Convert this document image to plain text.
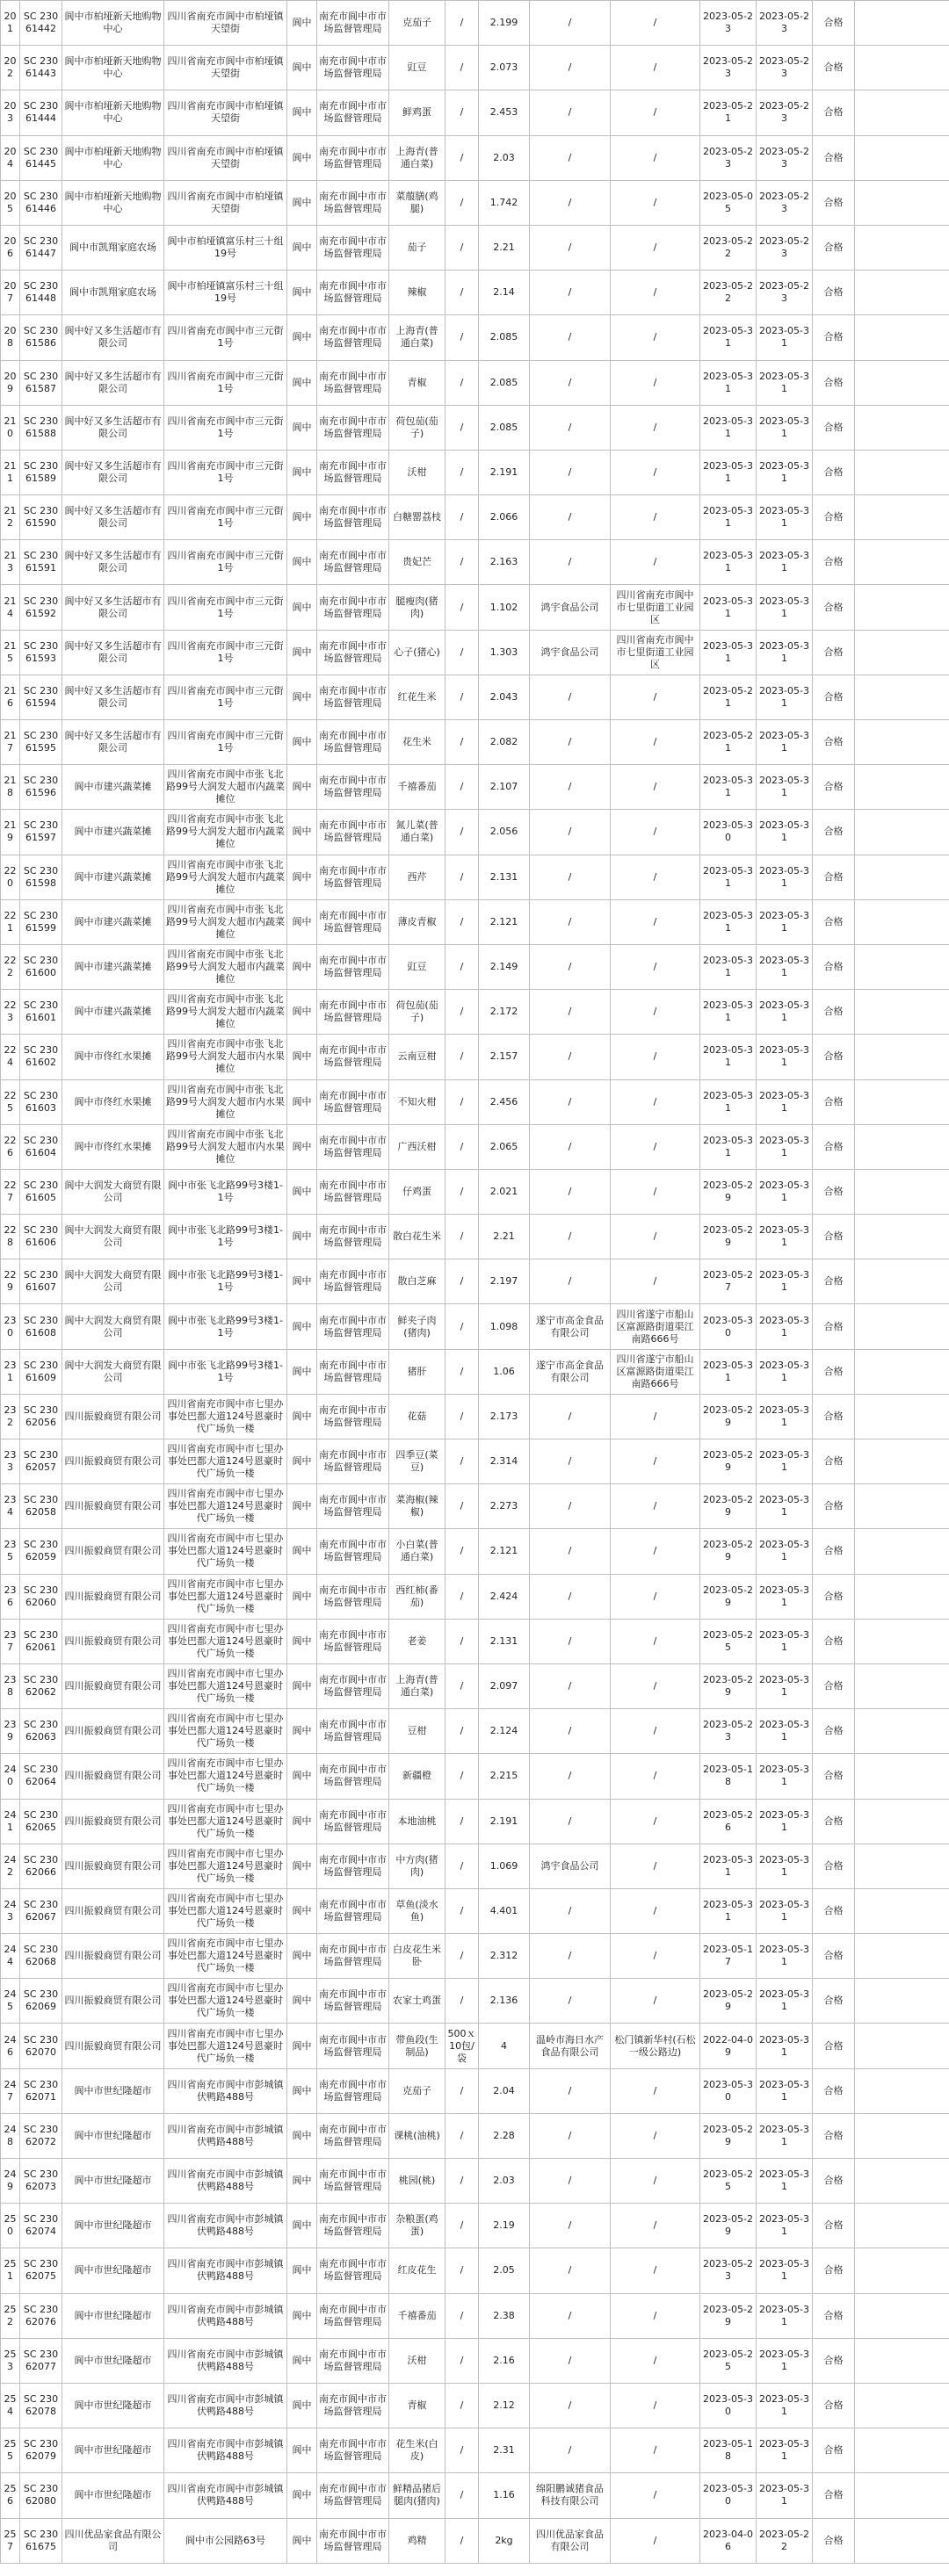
201	SC 23061442	阆中市柏垭新天地购物中心	四川省南充市阆中市柏垭镇天望街	阆中	南充市阆中市市场监督管理局	克茄子	/	2.199	/	/	2023-05-23	2023-05-23	合格	
202	SC 23061443	阆中市柏垭新天地购物中心	四川省南充市阆中市柏垭镇天望街	阆中	南充市阆中市市场监督管理局	豇豆	/	2.073	/	/	2023-05-23	2023-05-23	合格	
203	SC 23061444	阆中市柏垭新天地购物中心	四川省南充市阆中市柏垭镇天望街	阆中	南充市阆中市市场监督管理局	鲜鸡蛋	/	2.453	/	/	2023-05-21	2023-05-23	合格	
204	SC 23061445	阆中市柏垭新天地购物中心	四川省南充市阆中市柏垭镇天望街	阆中	南充市阆中市市场监督管理局	上海青(普通白菜)	/	2.03	/	/	2023-05-23	2023-05-23	合格	
205	SC 23061446	阆中市柏垭新天地购物中心	四川省南充市阆中市柏垭镇天望街	阆中	南充市阆中市市场监督管理局	菜菔膳(鸡腿)	/	1.742	/	/	2023-05-05	2023-05-23	合格	
206	SC 23061447	阆中市凯翔家庭农场	阆中市柏垭镇富乐村三十组19号	阆中	南充市阆中市市场监督管理局	茄子	/	2.21	/	/	2023-05-22	2023-05-23	合格	
207	SC 23061448	阆中市凯翔家庭农场	阆中市柏垭镇富乐村三十组19号	阆中	南充市阆中市市场监督管理局	辣椒	/	2.14	/	/	2023-05-22	2023-05-23	合格	
208	SC 23061586	阆中好又多生活超市有限公司	四川省南充市阆中市三元街1号	阆中	南充市阆中市市场监督管理局	上海青(普通白菜)	/	2.085	/	/	2023-05-31	2023-05-31	合格	
209	SC 23061587	阆中好又多生活超市有限公司	四川省南充市阆中市三元街1号	阆中	南充市阆中市市场监督管理局	青椒	/	2.085	/	/	2023-05-31	2023-05-31	合格	
210	SC 23061588	阆中好又多生活超市有限公司	四川省南充市阆中市三元街1号	阆中	南充市阆中市市场监督管理局	荷包茄(茄子)	/	2.085	/	/	2023-05-31	2023-05-31	合格	
211	SC 23061589	阆中好又多生活超市有限公司	四川省南充市阆中市三元街1号	阆中	南充市阆中市市场监督管理局	沃柑	/	2.191	/	/	2023-05-31	2023-05-31	合格	
212	SC 23061590	阆中好又多生活超市有限公司	四川省南充市阆中市三元街1号	阆中	南充市阆中市市场监督管理局	白糖罂荔枝	/	2.066	/	/	2023-05-31	2023-05-31	合格	
213	SC 23061591	阆中好又多生活超市有限公司	四川省南充市阆中市三元街1号	阆中	南充市阆中市市场监督管理局	贵妃芒	/	2.163	/	/	2023-05-31	2023-05-31	合格	
214	SC 23061592	阆中好又多生活超市有限公司	四川省南充市阆中市三元街1号	阆中	南充市阆中市市场监督管理局	腿瘦肉(猪肉)	/	1.102	鸿宇食品公司	四川省南充市阆中市七里街道工业园区	2023-05-31	2023-05-31	合格	
215	SC 23061593	阆中好又多生活超市有限公司	四川省南充市阆中市三元街1号	阆中	南充市阆中市市场监督管理局	心子(猪心)	/	1.303	鸿宇食品公司	四川省南充市阆中市七里街道工业园区	2023-05-31	2023-05-31	合格	
216	SC 23061594	阆中好又多生活超市有限公司	四川省南充市阆中市三元街1号	阆中	南充市阆中市市场监督管理局	红花生米	/	2.043	/	/	2023-05-21	2023-05-31	合格	
217	SC 23061595	阆中好又多生活超市有限公司	四川省南充市阆中市三元街1号	阆中	南充市阆中市市场监督管理局	花生米	/	2.082	/	/	2023-05-21	2023-05-31	合格	
218	SC 23061596	阆中市建兴蔬菜摊	四川省南充市阆中市张飞北路99号大润发大超市内蔬菜摊位	阆中	南充市阆中市市场监督管理局	千禧番茄	/	2.107	/	/	2023-05-31	2023-05-31	合格	
219	SC 23061597	阆中市建兴蔬菜摊	四川省南充市阆中市张飞北路99号大润发大超市内蔬菜摊位	阆中	南充市阆中市市场监督管理局	氮儿菜(普通白菜)	/	2.056	/	/	2023-05-30	2023-05-31	合格	
220	SC 23061598	阆中市建兴蔬菜摊	四川省南充市阆中市张飞北路99号大润发大超市内蔬菜摊位	阆中	南充市阆中市市场监督管理局	西芹	/	2.131	/	/	2023-05-31	2023-05-31	合格	
221	SC 23061599	阆中市建兴蔬菜摊	四川省南充市阆中市张飞北路99号大润发大超市内蔬菜摊位	阆中	南充市阆中市市场监督管理局	薄皮青椒	/	2.121	/	/	2023-05-31	2023-05-31	合格	
222	SC 23061600	阆中市建兴蔬菜摊	四川省南充市阆中市张飞北路99号大润发大超市内蔬菜摊位	阆中	南充市阆中市市场监督管理局	豇豆	/	2.149	/	/	2023-05-31	2023-05-31	合格	
223	SC 23061601	阆中市建兴蔬菜摊	四川省南充市阆中市张飞北路99号大润发大超市内蔬菜摊位	阆中	南充市阆中市市场监督管理局	荷包茄(茄子)	/	2.172	/	/	2023-05-31	2023-05-31	合格	
224	SC 23061602	阆中市佟红水果摊	四川省南充市阆中市张飞北路99号大润发大超市内水果摊位	阆中	南充市阆中市市场监督管理局	云南豆柑	/	2.157	/	/	2023-05-31	2023-05-31	合格	
225	SC 23061603	阆中市佟红水果摊	四川省南充市阆中市张飞北路99号大润发大超市内水果摊位	阆中	南充市阆中市市场监督管理局	不知火柑	/	2.456	/	/	2023-05-31	2023-05-31	合格	
226	SC 23061604	阆中市佟红水果摊	四川省南充市阆中市张飞北路99号大润发大超市内水果摊位	阆中	南充市阆中市市场监督管理局	广西沃柑	/	2.065	/	/	2023-05-31	2023-05-31	合格	
227	SC 23061605	阆中大润发大商贸有限公司	阆中市张飞北路99号3楼1-1号	阆中	南充市阆中市市场监督管理局	仔鸡蛋	/	2.021	/	/	2023-05-29	2023-05-31	合格	
228	SC 23061606	阆中大润发大商贸有限公司	阆中市张飞北路99号3楼1-1号	阆中	南充市阆中市市场监督管理局	散白花生米	/	2.21	/	/	2023-05-29	2023-05-31	合格	
229	SC 23061607	阆中大润发大商贸有限公司	阆中市张飞北路99号3楼1-1号	阆中	南充市阆中市市场监督管理局	散白芝麻	/	2.197	/	/	2023-05-27	2023-05-31	合格	
230	SC 23061608	阆中大润发大商贸有限公司	阆中市张飞北路99号3楼1-1号	阆中	南充市阆中市市场监督管理局	鲜夹子肉(猪肉)	/	1.098	遂宁市高金食品有限公司	四川省遂宁市船山区富源路街道渠江南路666号	2023-05-30	2023-05-31	合格	
231	SC 23061609	阆中大润发大商贸有限公司	阆中市张飞北路99号3楼1-1号	阆中	南充市阆中市市场监督管理局	猪肝	/	1.06	遂宁市高金食品有限公司	四川省遂宁市船山区富源路街道渠江南路666号	2023-05-31	2023-05-31	合格	
232	SC 23062056	四川振毅商贸有限公司	四川省南充市阆中市七里办事处巴都大道124号恩豪时代广场负一楼	阆中	南充市阆中市市场监督管理局	花菇	/	2.173	/	/	2023-05-29	2023-05-31	合格	
233	SC 23062057	四川振毅商贸有限公司	四川省南充市阆中市七里办事处巴都大道124号恩豪时代广场负一楼	阆中	南充市阆中市市场监督管理局	四季豆(菜豆)	/	2.314	/	/	2023-05-29	2023-05-31	合格	
234	SC 23062058	四川振毅商贸有限公司	四川省南充市阆中市七里办事处巴都大道124号恩豪时代广场负一楼	阆中	南充市阆中市市场监督管理局	菜海椒(辣椒)	/	2.273	/	/	2023-05-29	2023-05-31	合格	
235	SC 23062059	四川振毅商贸有限公司	四川省南充市阆中市七里办事处巴都大道124号恩豪时代广场负一楼	阆中	南充市阆中市市场监督管理局	小白菜(普通白菜)	/	2.121	/	/	2023-05-29	2023-05-31	合格	
236	SC 23062060	四川振毅商贸有限公司	四川省南充市阆中市七里办事处巴都大道124号恩豪时代广场负一楼	阆中	南充市阆中市市场监督管理局	西红柿(番茄)	/	2.424	/	/	2023-05-29	2023-05-31	合格	
237	SC 23062061	四川振毅商贸有限公司	四川省南充市阆中市七里办事处巴都大道124号恩豪时代广场负一楼	阆中	南充市阆中市市场监督管理局	老姜	/	2.131	/	/	2023-05-25	2023-05-31	合格	
238	SC 23062062	四川振毅商贸有限公司	四川省南充市阆中市七里办事处巴都大道124号恩豪时代广场负一楼	阆中	南充市阆中市市场监督管理局	上海青(普通白菜)	/	2.097	/	/	2023-05-29	2023-05-31	合格	
239	SC 23062063	四川振毅商贸有限公司	四川省南充市阆中市七里办事处巴都大道124号恩豪时代广场负一楼	阆中	南充市阆中市市场监督管理局	豆柑	/	2.124	/	/	2023-05-23	2023-05-31	合格	
240	SC 23062064	四川振毅商贸有限公司	四川省南充市阆中市七里办事处巴都大道124号恩豪时代广场负一楼	阆中	南充市阆中市市场监督管理局	新疆橙	/	2.215	/	/	2023-05-18	2023-05-31	合格	
241	SC 23062065	四川振毅商贸有限公司	四川省南充市阆中市七里办事处巴都大道124号恩豪时代广场负一楼	阆中	南充市阆中市市场监督管理局	本地油桃	/	2.191	/	/	2023-05-26	2023-05-31	合格	
242	SC 23062066	四川振毅商贸有限公司	四川省南充市阆中市七里办事处巴都大道124号恩豪时代广场负一楼	阆中	南充市阆中市市场监督管理局	中方肉(猪肉)	/	1.069	鸿宇食品公司	/	2023-05-31	2023-05-31	合格	
243	SC 23062067	四川振毅商贸有限公司	四川省南充市阆中市七里办事处巴都大道124号恩豪时代广场负一楼	阆中	南充市阆中市市场监督管理局	草鱼(淡水鱼)	/	4.401	/	/	2023-05-31	2023-05-31	合格	
244	SC 23062068	四川振毅商贸有限公司	四川省南充市阆中市七里办事处巴都大道124号恩豪时代广场负一楼	阆中	南充市阆中市市场监督管理局	白皮花生米卧	/	2.312	/	/	2023-05-17	2023-05-31	合格	
245	SC 23062069	四川振毅商贸有限公司	四川省南充市阆中市七里办事处巴都大道124号恩豪时代广场负一楼	阆中	南充市阆中市市场监督管理局	农家土鸡蛋	/	2.136	/	/	2023-05-29	2023-05-31	合格	
246	SC 23062070	四川振毅商贸有限公司	四川省南充市阆中市七里办事处巴都大道124号恩豪时代广场负一楼	阆中	南充市阆中市市场监督管理局	带鱼段(生制品)	500ｘ10包/袋	4	温岭市海日水产食品有限公司	松门镇新华村(石松一级公路边)	2022-04-09	2023-05-31	合格	
247	SC 23062071	阆中市世纪隆超市	四川省南充市阆中市彭城镇伏鸭路488号	阆中	南充市阆中市市场监督管理局	克茄子	/	2.04	/	/	2023-05-30	2023-05-31	合格	
248	SC 23062072	阆中市世纪隆超市	四川省南充市阆中市彭城镇伏鸭路488号	阆中	南充市阆中市市场监督管理局	课桃(油桃)	/	2.28	/	/	2023-05-29	2023-05-31	合格	
249	SC 23062073	阆中市世纪隆超市	四川省南充市阆中市彭城镇伏鸭路488号	阆中	南充市阆中市市场监督管理局	桃园(桃)	/	2.03	/	/	2023-05-25	2023-05-31	合格	
250	SC 23062074	阆中市世纪隆超市	四川省南充市阆中市彭城镇伏鸭路488号	阆中	南充市阆中市市场监督管理局	杂粮蛋(鸡蛋)	/	2.19	/	/	2023-05-29	2023-05-31	合格	
251	SC 23062075	阆中市世纪隆超市	四川省南充市阆中市彭城镇伏鸭路488号	阆中	南充市阆中市市场监督管理局	红皮花生	/	2.05	/	/	2023-05-23	2023-05-31	合格	
252	SC 23062076	阆中市世纪隆超市	四川省南充市阆中市彭城镇伏鸭路488号	阆中	南充市阆中市市场监督管理局	千禧番茄	/	2.38	/	/	2023-05-29	2023-05-31	合格	
253	SC 23062077	阆中市世纪隆超市	四川省南充市阆中市彭城镇伏鸭路488号	阆中	南充市阆中市市场监督管理局	沃柑	/	2.16	/	/	2023-05-25	2023-05-31	合格	
254	SC 23062078	阆中市世纪隆超市	四川省南充市阆中市彭城镇伏鸭路488号	阆中	南充市阆中市市场监督管理局	青椒	/	2.12	/	/	2023-05-30	2023-05-31	合格	
255	SC 23062079	阆中市世纪隆超市	四川省南充市阆中市彭城镇伏鸭路488号	阆中	南充市阆中市市场监督管理局	花生米(白皮)	/	2.31	/	/	2023-05-18	2023-05-31	合格	
256	SC 23062080	阆中市世纪隆超市	四川省南充市阆中市彭城镇伏鸭路488号	阆中	南充市阆中市市场监督管理局	鲜精品猪后腿肉(猪肉)	/	1.16	绵阳鹏诚猪食品科技有限公司	/	2023-05-30	2023-05-31	合格	
257	SC 23061675	四川优品家食品有限公司	阆中市公园路63号	阆中	南充市阆中市市场监督管理局	鸡精	/	2kg	四川优品家食品有限公司	/	2023-04-06	2023-05-22	合格	
